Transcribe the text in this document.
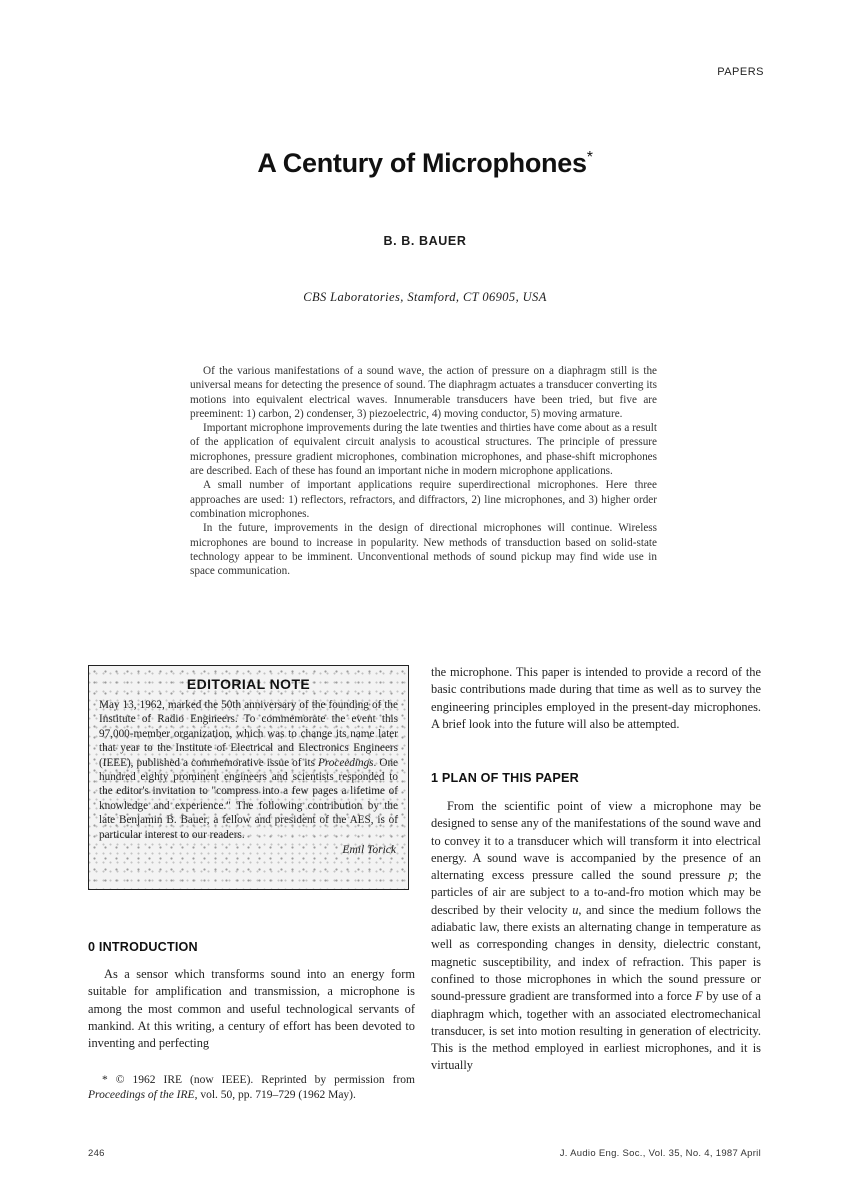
PAPERS
A Century of Microphones*
B. B. BAUER
CBS Laboratories, Stamford, CT 06905, USA

Of the various manifestations of a sound wave, the action of pressure on a diaphragm still is the universal means for detecting the presence of sound. The diaphragm actuates a transducer converting its motions into equivalent electrical waves. Innumerable transducers have been tried, but five are preeminent: 1) carbon, 2) condenser, 3) piezoelectric, 4) moving conductor, 5) moving armature.

Important microphone improvements during the late twenties and thirties have come about as a result of the application of equivalent circuit analysis to acoustical structures. The principle of pressure microphones, pressure gradient microphones, combination microphones, and phase-shift microphones are described. Each of these has found an important niche in modern microphone applications.

A small number of important applications require superdirectional microphones. Here three approaches are used: 1) reflectors, refractors, and diffractors, 2) line microphones, and 3) higher order combination microphones.

In the future, improvements in the design of directional microphones will continue. Wireless microphones are bound to increase in popularity. New methods of transduction based on solid-state technology appear to be imminent. Unconventional methods of sound pickup may find wide use in space communication.

EDITORIAL NOTE
May 13, 1962, marked the 50th anniversary of the founding of the Institute of Radio Engineers. To commemorate the event this 97,000-member organization, which was to change its name later that year to the Institute of Electrical and Electronics Engineers (IEEE), published a commemorative issue of its Proceedings. One hundred eighty prominent engineers and scientists responded to the editor's invitation to "compress into a few pages a lifetime of knowledge and experience." The following contribution by the late Benjamin B. Bauer, a fellow and president of the AES, is of particular interest to our readers.
Emil Torick
0 INTRODUCTION

As a sensor which transforms sound into an energy form suitable for amplification and transmission, a microphone is among the most common and useful technological servants of mankind. At this writing, a century of effort has been devoted to inventing and perfecting

* © 1962 IRE (now IEEE). Reprinted by permission from Proceedings of the IRE, vol. 50, pp. 719–729 (1962 May).

the microphone. This paper is intended to provide a record of the basic contributions made during that time as well as to survey the engineering principles employed in the present-day microphones. A brief look into the future will also be attempted.

1 PLAN OF THIS PAPER

From the scientific point of view a microphone may be designed to sense any of the manifestations of the sound wave and to convey it to a transducer which will transform it into electrical energy. A sound wave is accompanied by the presence of an alternating excess pressure called the sound pressure p; the particles of air are subject to a to-and-fro motion which may be described by their velocity u, and since the medium follows the adiabatic law, there exists an alternating change in temperature as well as corresponding changes in density, dielectric constant, magnetic susceptibility, and index of refraction. This paper is confined to those microphones in which the sound pressure or sound-pressure gradient are transformed into a force F by use of a diaphragm which, together with an associated electromechanical transducer, is set into motion resulting in generation of electricity. This is the method employed in earliest microphones, and it is virtually

246	J. Audio Eng. Soc., Vol. 35, No. 4, 1987 April
